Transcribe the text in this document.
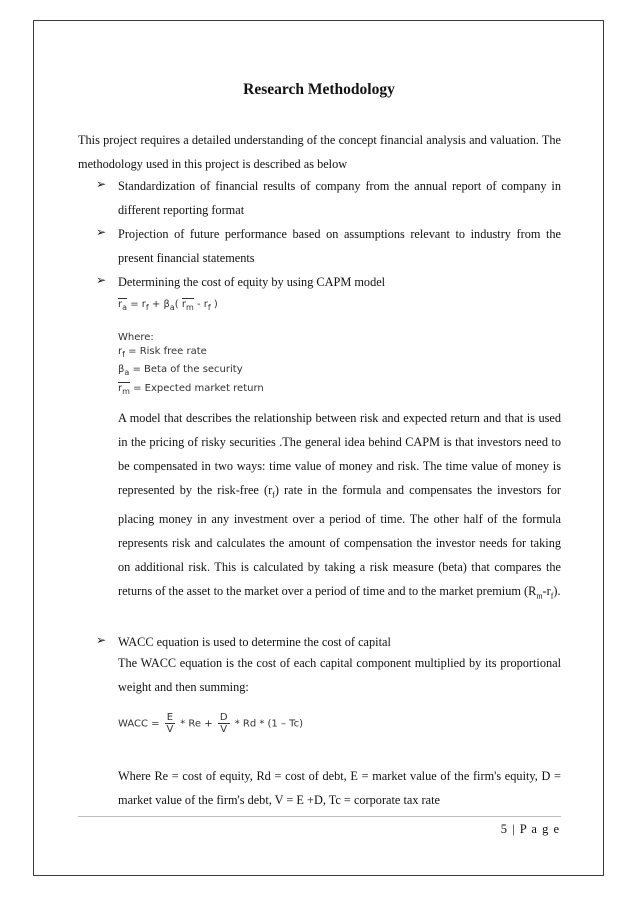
Research Methodology
This project requires a detailed understanding of the concept financial analysis and valuation. The methodology used in this project is described as below
➢ Standardization of financial results of company from the annual report of company in different reporting format
➢ Projection of future performance based on assumptions relevant to industry from the present financial statements
➢ Determining the cost of equity by using CAPM model
$r_a = r_f + \beta_a$( $r_m - r_f$ )
Where:
$r_f$ = Risk free rate
$\beta_a$ = Beta of the security
$r_m$ = Expected market return
A model that describes the relationship between risk and expected return and that is used in the pricing of risky securities .The general idea behind CAPM is that investors need to be compensated in two ways: time value of money and risk. The time value of money is represented by the risk-free $(r_f)$ rate in the formula and compensates the investors for placing money in any investment over a period of time. The other half of the formula represents risk and calculates the amount of compensation the investor needs for taking on additional risk. This is calculated by taking a risk measure (beta) that compares the returns of the asset to the market over a period of time and to the market premium $(R_m-r_f)$.
➢ WACC equation is used to determine the cost of capital
The WACC equation is the cost of each capital component multiplied by its proportional weight and then summing:
WACC = $\frac{E}{V} * Re + \frac{D}{V} * Rd * (1 - Tc)$
Where Re = cost of equity, Rd = cost of debt, E = market value of the firm's equity, D = market value of the firm's debt, V = E +D, Tc = corporate tax rate
5 | P a g e
